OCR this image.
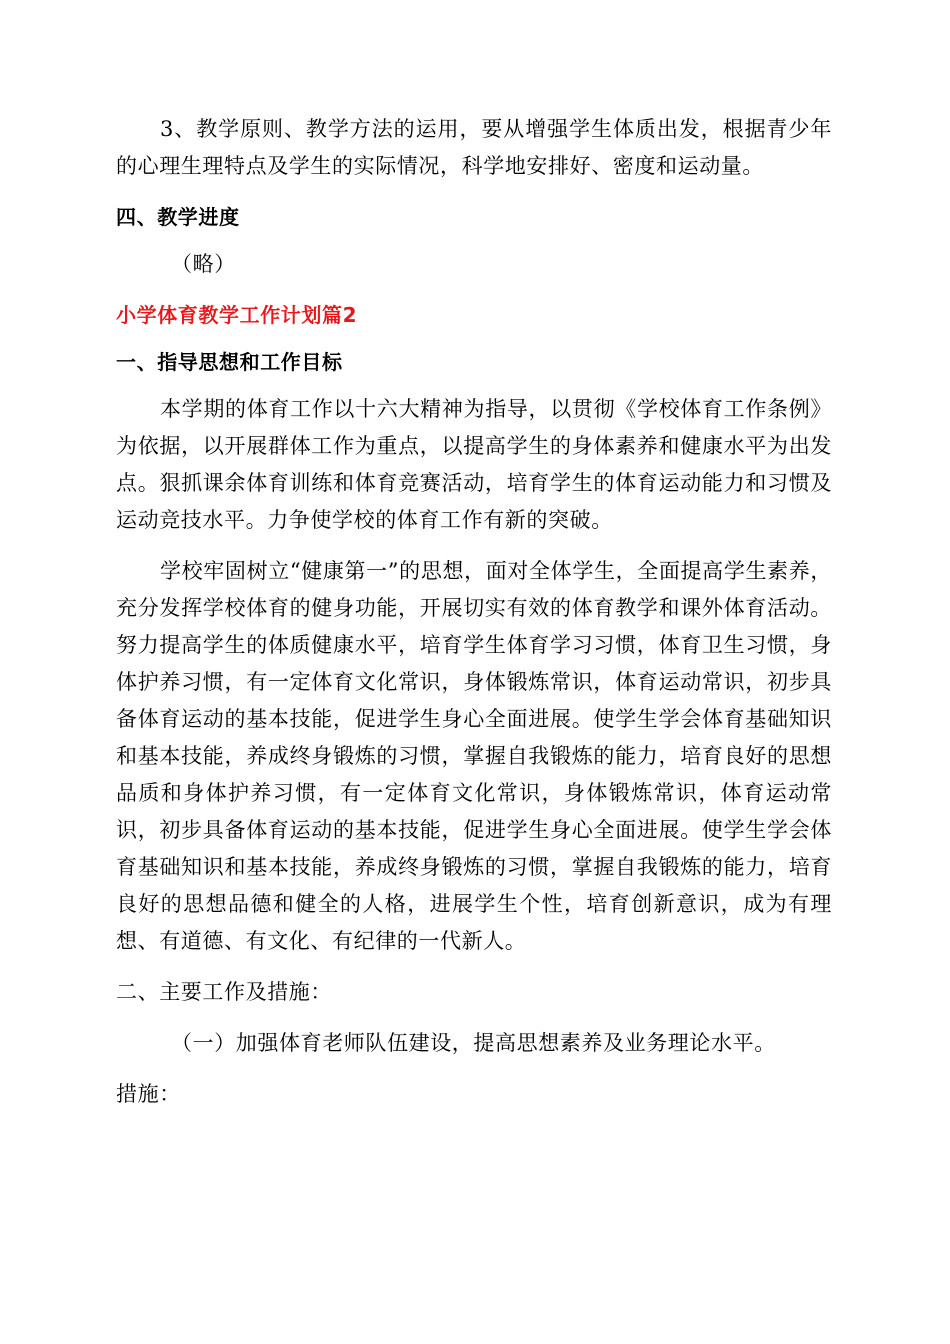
3、教学原则、教学方法的运用，要从增强学生体质出发，根据青少年的心理生理特点及学生的实际情况，科学地安排好、密度和运动量。

四、教学进度

（略）

小学体育教学工作计划篇2
一、指导思想和工作目标

本学期的体育工作以十六大精神为指导，以贯彻《学校体育工作条例》为依据，以开展群体工作为重点，以提高学生的身体素养和健康水平为出发点。狠抓课余体育训练和体育竞赛活动，培育学生的体育运动能力和习惯及运动竞技水平。力争使学校的体育工作有新的突破。

学校牢固树立“健康第一”的思想，面对全体学生，全面提高学生素养，充分发挥学校体育的健身功能，开展切实有效的体育教学和课外体育活动。努力提高学生的体质健康水平，培育学生体育学习习惯，体育卫生习惯，身体护养习惯，有一定体育文化常识，身体锻炼常识，体育运动常识，初步具备体育运动的基本技能，促进学生身心全面进展。使学生学会体育基础知识和基本技能，养成终身锻炼的习惯，掌握自我锻炼的能力，培育良好的思想品质和身体护养习惯，有一定体育文化常识，身体锻炼常识，体育运动常识，初步具备体育运动的基本技能，促进学生身心全面进展。使学生学会体育基础知识和基本技能，养成终身锻炼的习惯，掌握自我锻炼的能力，培育良好的思想品德和健全的人格，进展学生个性，培育创新意识，成为有理想、有道德、有文化、有纪律的一代新人。

二、主要工作及措施：

（一）加强体育老师队伍建设，提高思想素养及业务理论水平。

措施：
